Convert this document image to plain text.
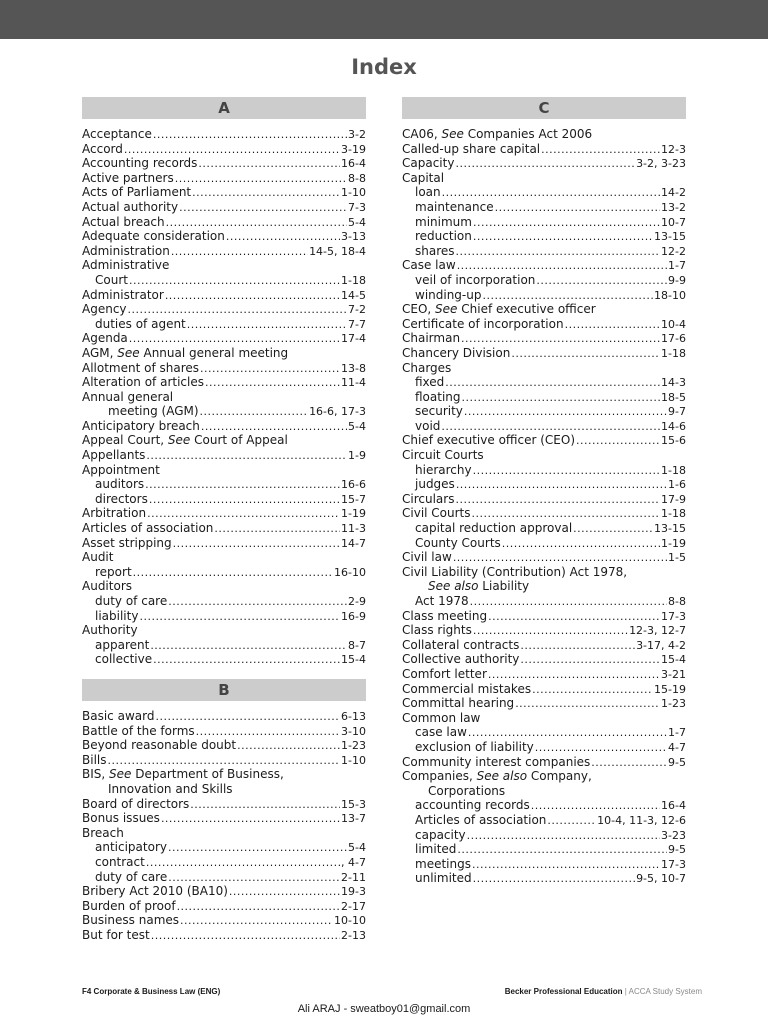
Index
A
Acceptance .....	3-2
Accord .....	3-19
Accounting records .....	16-4
Active partners .....	8-8
Acts of Parliament .....	1-10
Actual authority .....	7-3
Actual breach .....	5-4
Adequate consideration .....	3-13
Administration .....	14-5, 18-4
Administrative
Court .....	1-18
Administrator .....	14-5
Agency .....	7-2
duties of agent .....	7-7
Agenda .....	17-4
AGM, See Annual general meeting
Allotment of shares .....	13-8
Alteration of articles .....	11-4
Annual general
meeting (AGM) .....	16-6, 17-3
Anticipatory breach .....	5-4
Appeal Court, See Court of Appeal
Appellants .....	1-9
Appointment
auditors .....	16-6
directors .....	15-7
Arbitration .....	1-19
Articles of association .....	11-3
Asset stripping .....	14-7
Audit
report .....	16-10
Auditors
duty of care .....	2-9
liability .....	16-9
Authority
apparent .....	8-7
collective .....	15-4
B
Basic award .....	6-13
Battle of the forms .....	3-10
Beyond reasonable doubt .....	1-23
Bills .....	1-10
BIS, See Department of Business,
Innovation and Skills
Board of directors .....	15-3
Bonus issues .....	13-7
Breach
anticipatory .....	5-4
contract .....	, 4-7
duty of care .....	2-11
Bribery Act 2010 (BA10) .....	19-3
Burden of proof .....	2-17
Business names .....	10-10
But for test .....	2-13
C
CA06, See Companies Act 2006
Called-up share capital .....	12-3
Capacity .....	3-2, 3-23
Capital
loan .....	14-2
maintenance .....	13-2
minimum .....	10-7
reduction .....	13-15
shares .....	12-2
Case law .....	1-7
veil of incorporation .....	9-9
winding-up .....	18-10
CEO, See Chief executive officer
Certificate of incorporation .....	10-4
Chairman .....	17-6
Chancery Division .....	1-18
Charges
fixed .....	14-3
floating .....	18-5
security .....	9-7
void .....	14-6
Chief executive officer (CEO) .....	15-6
Circuit Courts
hierarchy .....	1-18
judges .....	1-6
Circulars .....	17-9
Civil Courts .....	1-18
capital reduction approval .....	13-15
County Courts .....	1-19
Civil law .....	1-5
Civil Liability (Contribution) Act 1978,
See also Liability
Act 1978 .....	8-8
Class meeting .....	17-3
Class rights .....	12-3, 12-7
Collateral contracts .....	3-17, 4-2
Collective authority .....	15-4
Comfort letter .....	3-21
Commercial mistakes .....	15-19
Committal hearing .....	1-23
Common law
case law .....	1-7
exclusion of liability .....	4-7
Community interest companies .....	9-5
Companies, See also Company,
Corporations
accounting records .....	16-4
Articles of association .....	10-4, 11-3, 12-6
capacity .....	3-23
limited .....	9-5
meetings .....	17-3
unlimited .....	9-5, 10-7
F4 Corporate & Business Law (ENG)	Becker Professional Education | ACCA Study System
Ali ARAJ - sweatboy01@gmail.com
